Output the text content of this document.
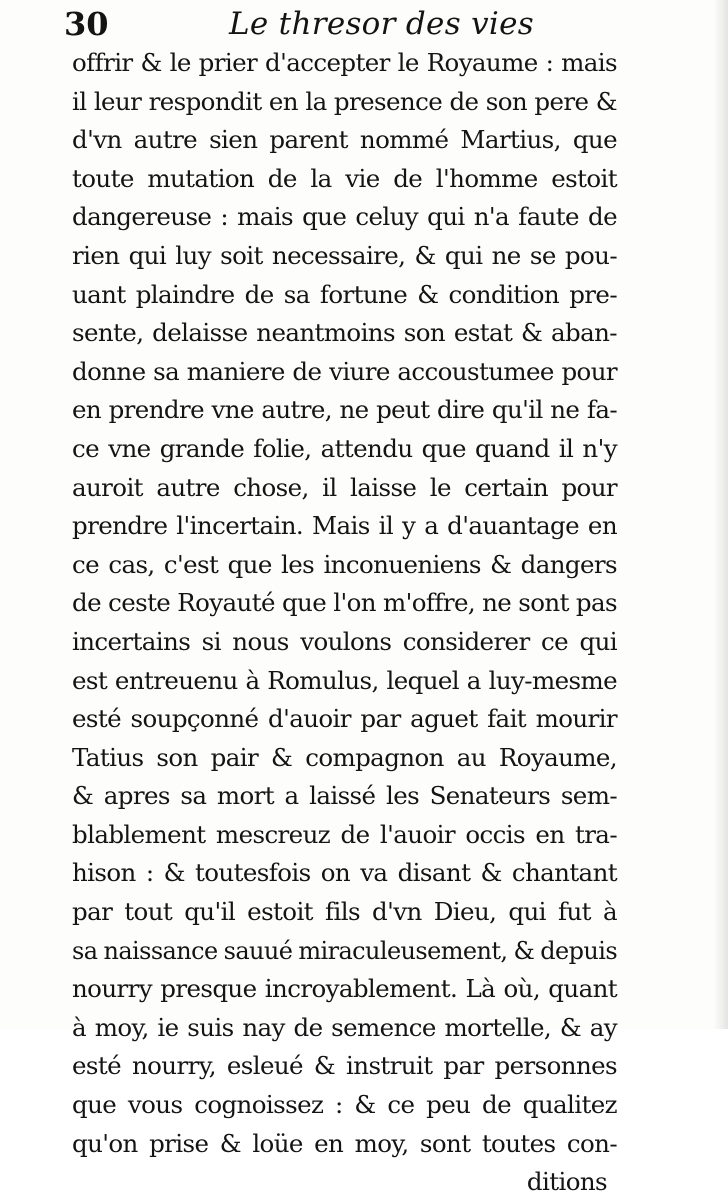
30	Le thresor des vies
offrir & le prier d'accepter le Royaume : mais
il leur respondit en la presence de son pere &
d'vn autre sien parent nommé Martius, que
toute mutation de la vie de l'homme estoit
dangereuse : mais que celuy qui n'a faute de
rien qui luy soit necessaire, & qui ne se pou-
uant plaindre de sa fortune & condition pre-
sente, delaisse neantmoins son estat & aban-
donne sa maniere de viure accoustumee pour
en prendre vne autre, ne peut dire qu'il ne fa-
ce vne grande folie, attendu que quand il n'y
auroit autre chose, il laisse le certain pour
prendre l'incertain. Mais il y a d'auantage en
ce cas, c'est que les inconueniens & dangers
de ceste Royauté que l'on m'offre, ne sont pas
incertains si nous voulons considerer ce qui
est entreuenu à Romulus, lequel a luy-mesme
esté soupçonné d'auoir par aguet fait mourir
Tatius son pair & compagnon au Royaume,
& apres sa mort a laissé les Senateurs sem-
blablement mescreuz de l'auoir occis en tra-
hison : & toutesfois on va disant & chantant
par tout qu'il estoit fils d'vn Dieu, qui fut à
sa naissance sauué miraculeusement, & depuis
nourry presque incroyablement. Là où, quant
à moy, ie suis nay de semence mortelle, & ay
esté nourry, esleué & instruit par personnes
que vous cognoissez : & ce peu de qualitez
qu'on prise & loüe en moy, sont toutes con-
ditions
